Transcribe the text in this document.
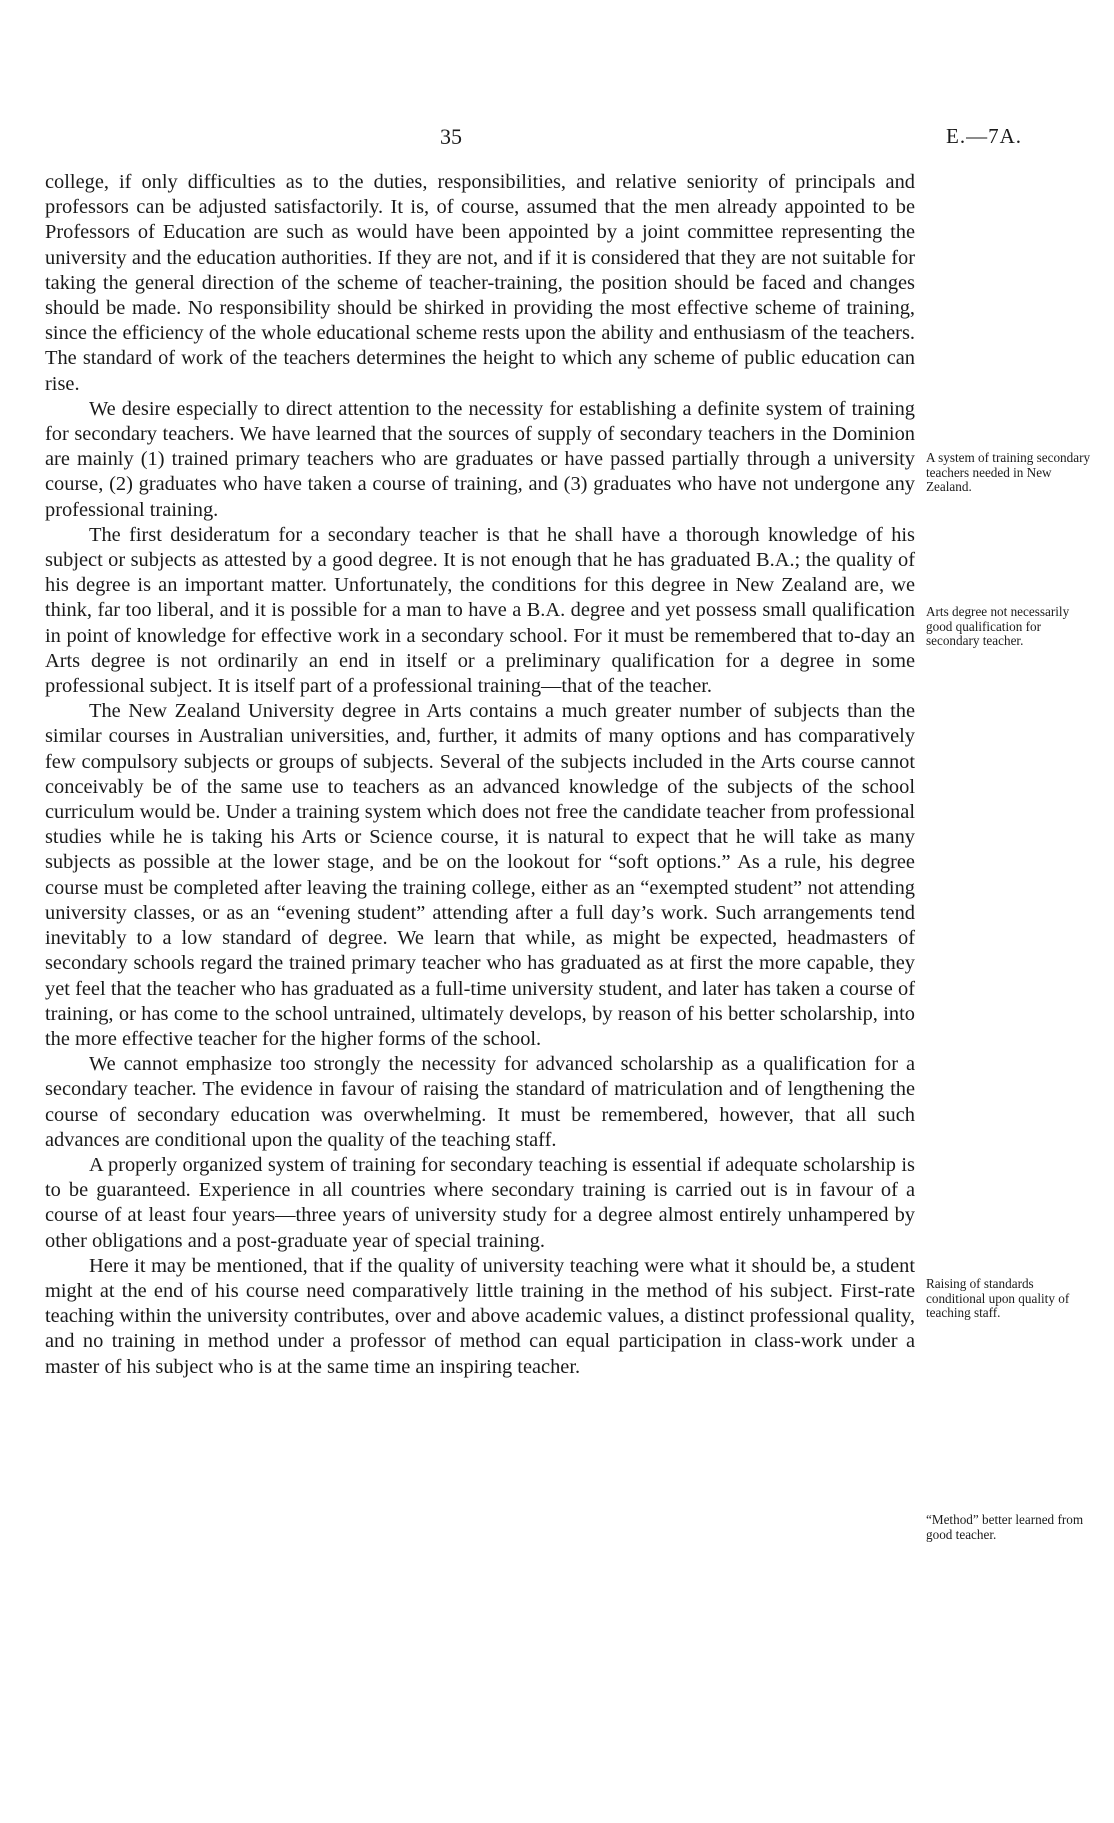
35	E.—7A.

college, if only difficulties as to the duties, responsibilities, and relative seniority of principals and professors can be adjusted satisfactorily. It is, of course, assumed that the men already appointed to be Professors of Education are such as would have been appointed by a joint committee representing the university and the education authorities. If they are not, and if it is considered that they are not suitable for taking the general direction of the scheme of teacher-training, the position should be faced and changes should be made. No responsibility should be shirked in providing the most effective scheme of training, since the efficiency of the whole educational scheme rests upon the ability and enthusiasm of the teachers. The standard of work of the teachers determines the height to which any scheme of public education can rise.

We desire especially to direct attention to the necessity for establishing a definite system of training for secondary teachers. We have learned that the sources of supply of secondary teachers in the Dominion are mainly (1) trained primary teachers who are graduates or have passed partially through a university course, (2) graduates who have taken a course of training, and (3) graduates who have not undergone any professional training.

The first desideratum for a secondary teacher is that he shall have a thorough knowledge of his subject or subjects as attested by a good degree. It is not enough that he has graduated B.A.; the quality of his degree is an important matter. Unfortunately, the conditions for this degree in New Zealand are, we think, far too liberal, and it is possible for a man to have a B.A. degree and yet possess small qualification in point of knowledge for effective work in a secondary school. For it must be remembered that to-day an Arts degree is not ordinarily an end in itself or a preliminary qualification for a degree in some professional subject. It is itself part of a professional training—that of the teacher.

The New Zealand University degree in Arts contains a much greater number of subjects than the similar courses in Australian universities, and, further, it admits of many options and has comparatively few compulsory subjects or groups of subjects. Several of the subjects included in the Arts course cannot conceivably be of the same use to teachers as an advanced knowledge of the subjects of the school curriculum would be. Under a training system which does not free the candidate teacher from professional studies while he is taking his Arts or Science course, it is natural to expect that he will take as many subjects as possible at the lower stage, and be on the lookout for “soft options.” As a rule, his degree course must be completed after leaving the training college, either as an “exempted student” not attending university classes, or as an “evening student” attending after a full day’s work. Such arrangements tend inevitably to a low standard of degree. We learn that while, as might be expected, headmasters of secondary schools regard the trained primary teacher who has graduated as at first the more capable, they yet feel that the teacher who has graduated as a full-time university student, and later has taken a course of training, or has come to the school untrained, ultimately develops, by reason of his better scholarship, into the more effective teacher for the higher forms of the school.

We cannot emphasize too strongly the necessity for advanced scholarship as a qualification for a secondary teacher. The evidence in favour of raising the standard of matriculation and of lengthening the course of secondary education was overwhelming. It must be remembered, however, that all such advances are conditional upon the quality of the teaching staff.

A properly organized system of training for secondary teaching is essential if adequate scholarship is to be guaranteed. Experience in all countries where secondary training is carried out is in favour of a course of at least four years—three years of university study for a degree almost entirely unhampered by other obligations and a post-graduate year of special training.

Here it may be mentioned, that if the quality of university teaching were what it should be, a student might at the end of his course need comparatively little training in the method of his subject. First-rate teaching within the university contributes, over and above academic values, a distinct professional quality, and no training in method under a professor of method can equal participation in class-work under a master of his subject who is at the same time an inspiring teacher.

A system of training secondary teachers needed in New Zealand.
Arts degree not necessarily good qualification for secondary teacher.
Raising of standards conditional upon quality of teaching staff.
“Method” better learned from good teacher.
